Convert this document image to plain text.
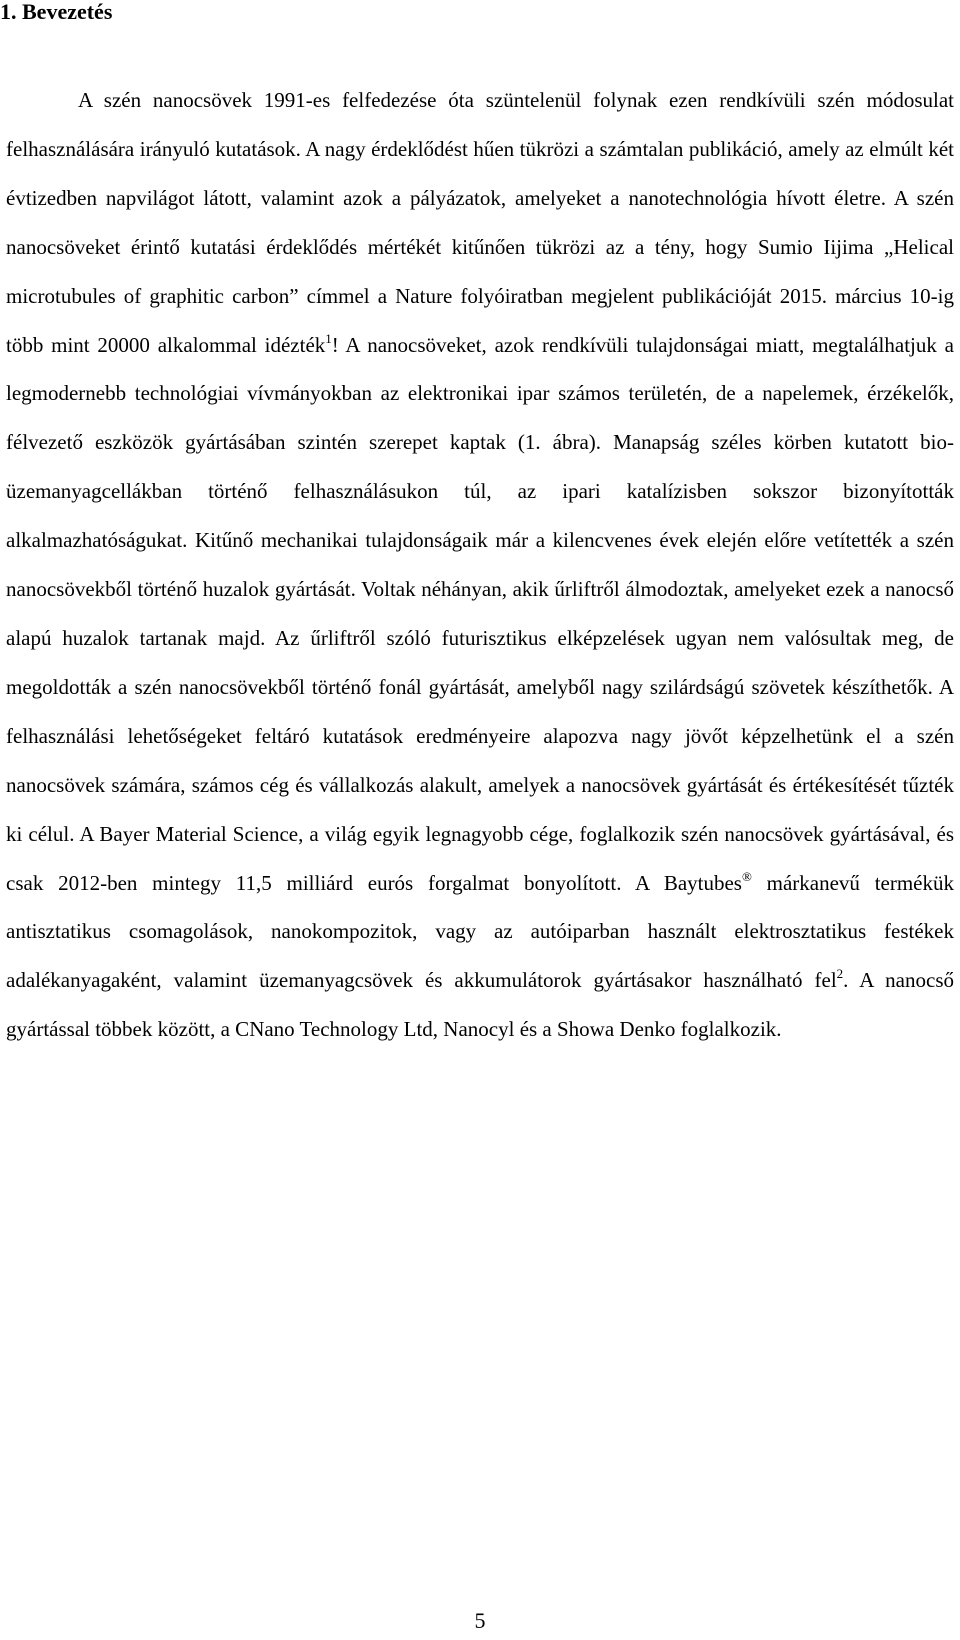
1. Bevezetés

A szén nanocsövek 1991-es felfedezése óta szüntelenül folynak ezen rendkívüli szén módosulat felhasználására irányuló kutatások. A nagy érdeklődést hűen tükrözi a számtalan publikáció, amely az elmúlt két évtizedben napvilágot látott, valamint azok a pályázatok, amelyeket a nanotechnológia hívott életre. A szén nanocsöveket érintő kutatási érdeklődés mértékét kitűnően tükrözi az a tény, hogy Sumio Iijima „Helical microtubules of graphitic carbon” címmel a Nature folyóiratban megjelent publikációját 2015. március 10-ig több mint 20000 alkalommal idézték$^1$! A nanocsöveket, azok rendkívüli tulajdonságai miatt, megtalálhatjuk a legmodernebb technológiai vívmányokban az elektronikai ipar számos területén, de a napelemek, érzékelők, félvezető eszközök gyártásában szintén szerepet kaptak (1. ábra). Manapság széles körben kutatott bio-üzemanyagcellákban történő felhasználásukon túl, az ipari katalízisben sokszor bizonyították alkalmazhatóságukat. Kitűnő mechanikai tulajdonságaik már a kilencvenes évek elején előre vetítették a szén nanocsövekből történő huzalok gyártását. Voltak néhányan, akik űrliftről álmodoztak, amelyeket ezek a nanocső alapú huzalok tartanak majd. Az űrliftről szóló futurisztikus elképzelések ugyan nem valósultak meg, de megoldották a szén nanocsövekből történő fonál gyártását, amelyből nagy szilárdságú szövetek készíthetők. A felhasználási lehetőségeket feltáró kutatások eredményeire alapozva nagy jövőt képzelhetünk el a szén nanocsövek számára, számos cég és vállalkozás alakult, amelyek a nanocsövek gyártását és értékesítését tűzték ki célul. A Bayer Material Science, a világ egyik legnagyobb cége, foglalkozik szén nanocsövek gyártásával, és csak 2012-ben mintegy 11,5 milliárd eurós forgalmat bonyolított. A Baytubes® márkanevű termékük antisztatikus csomagolások, nanokompozitok, vagy az autóiparban használt elektrosztatikus festékek adalékanyagaként, valamint üzemanyagcsövek és akkumulátorok gyártásakor használható fel$^2$. A nanocső gyártással többek között, a CNano Technology Ltd, Nanocyl és a Showa Denko foglalkozik.

5
